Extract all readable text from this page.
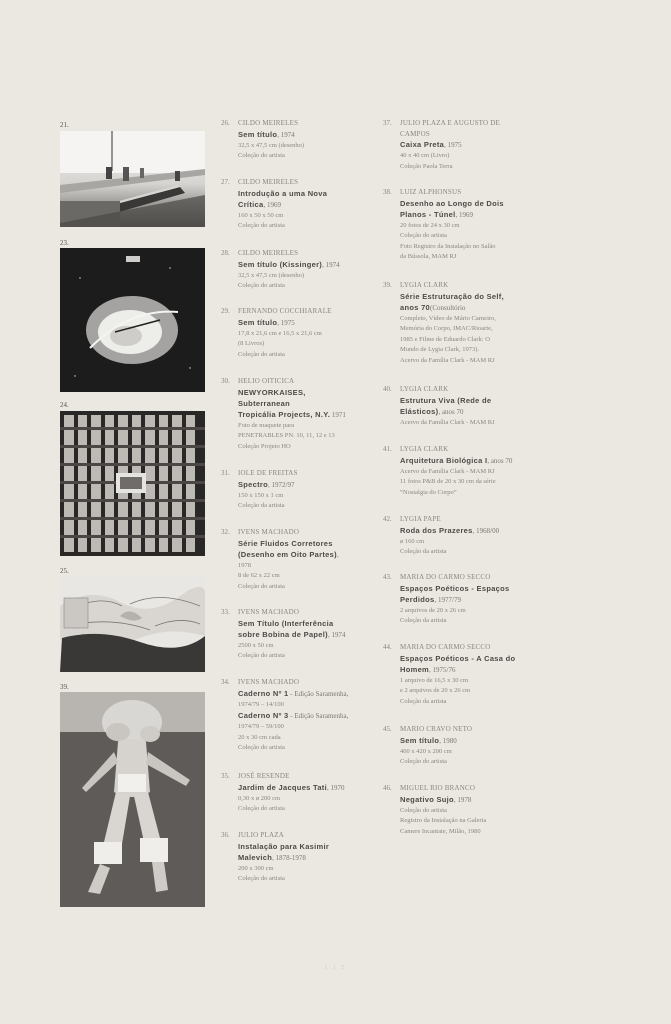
21.
23.
24.
25.
39.
26. CILDO MEIRELES
Sem título, 1974
32,5 x 47,5 cm (desenho)
Coleção do artista
27. CILDO MEIRELES
Introdução a uma Nova
Crítica, 1969
160 x 50 x 50 cm
Coleção do artista
28. CILDO MEIRELES
Sem título (Kissinger), 1974
32,5 x 47,5 cm (desenho)
Coleção do artista
29. FERNANDO COCCHIARALE
Sem título, 1975
17,8 x 21,6 cm e 16,5 x 21,6 cm
(8 Livros)
Coleção do artista
30. HELIO OITICICA
NEWYORKAISES,
Subterranean
Tropicália Projects, N.Y. 1971
Foto de maquete para
PENETRABLES PN. 10, 11, 12 e 13
Coleção Projeto HO
31. IOLE DE FREITAS
Spectro, 1972/97
150 x 150 x 1 cm
Coleção da artista
32. IVENS MACHADO
Série Fluidos Corretores
(Desenho em Oito Partes),
1978
8 de 62 x 22 cm
Coleção do artista
33. IVENS MACHADO
Sem Título (Interferência
sobre Bobina de Papel), 1974
2500 x 50 cm
Coleção do artista
34. IVENS MACHADO
Caderno Nº 1 - Edição Saramenha,
1974/79 – 14/100
Caderno Nº 3 - Edição Saramenha,
1974/79 – 59/100
20 x 30 cm cada
Coleção do artista
35. JOSÉ RESENDE
Jardim de Jacques Tati, 1970
0,30 x ø 200 cm
Coleção do artista
36. JULIO PLAZA
Instalação para Kasimir
Malevich, 1878-1978
200 x 300 cm
Coleção do artista
37. JULIO PLAZA E AUGUSTO DE
CAMPOS
Caixa Preta, 1975
40 x 40 cm (Livro)
Coleção Paola Terra
38. LUIZ ALPHONSUS
Desenho ao Longo de Dois
Planos - Túnel, 1969
20 fotos de 24 x 30 cm
Coleção do artista
Foto Registro da Instalação no Salão
da Bússola, MAM RJ
39. LYGIA CLARK
Série Estruturação do Self,
anos 70(Consultório
Completo, Vídeo de Mário Carneiro,
Memória do Corpo, IMAC/Rioarte,
1985 e Filme de Eduardo Clark: O
Mundo de Lygia Clark, 1973).
Acervo da Família Clark - MAM RJ
40. LYGIA CLARK
Estrutura Viva (Rede de
Elásticos), anos 70
Acervo da Família Clark - MAM RJ
41. LYGIA CLARK
Arquitetura Biológica I, anos 70
Acervo da Família Clark - MAM RJ
11 fotos P&B de 20 x 30 cm da série
“Nostalgia do Corpo”
42. LYGIA PAPE
Roda dos Prazeres, 1968/00
ø 160 cm
Coleção da artista
43. MARIA DO CARMO SECCO
Espaços Poéticos - Espaços
Perdidos, 1977/79
2 arquivos de 20 x 26 cm
Coleção da artista
44. MARIA DO CARMO SECCO
Espaços Poéticos - A Casa do
Homem, 1975/76
1 arquivo de 16,5 x 30 cm
e 2 arquivos de 20 x 26 cm
Coleção da artista
45. MARIO CRAVO NETO
Sem título, 1980
400 x 420 x 200 cm
Coleção do artista
46. MIGUEL RIO BRANCO
Negativo Sujo, 1978
Coleção do artista
Registro da Instalação na Galeria
Camere Incantate, Milão, 1980
1 1 5
